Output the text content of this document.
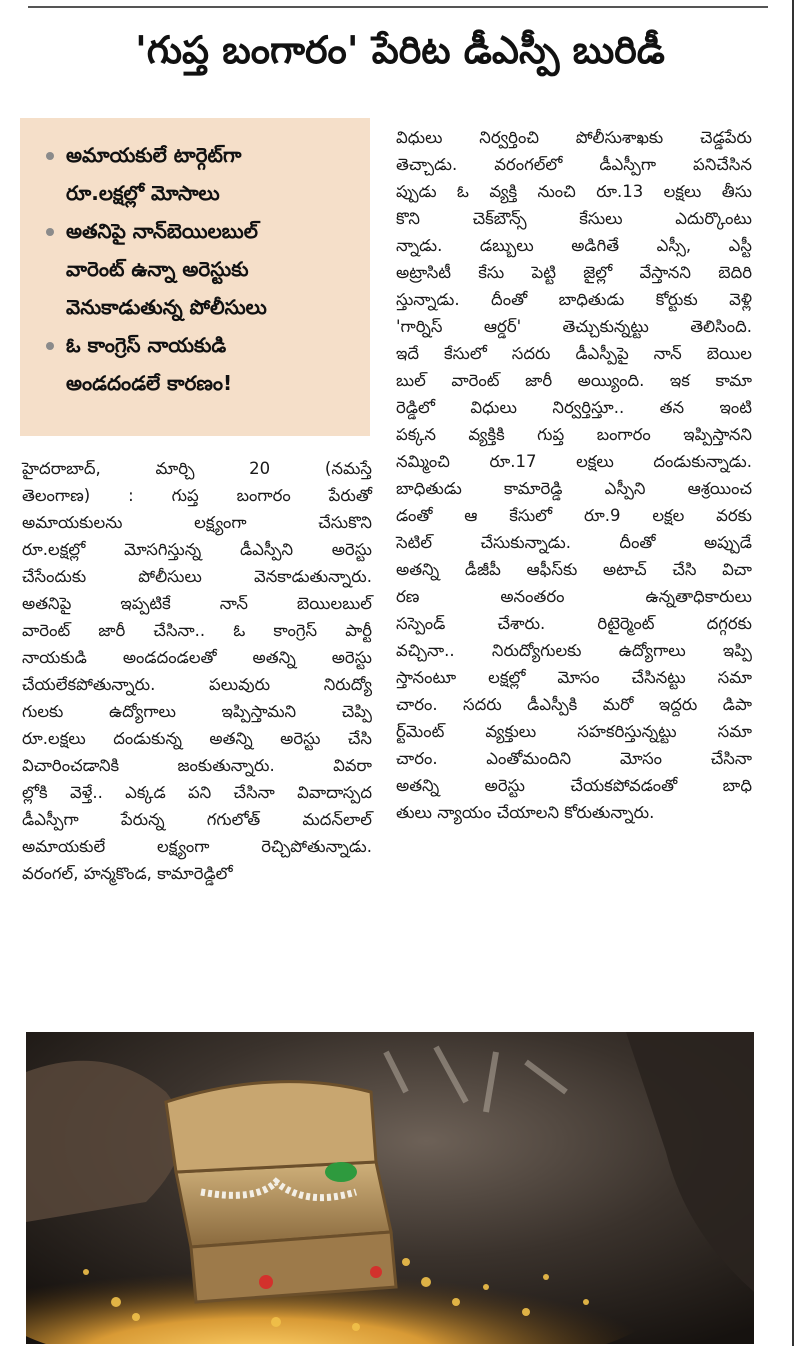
'గుప్త బంగారం' పేరిట డీఎస్పీ బురిడీ
అమాయకులే టార్గెట్‌గా
రూ.లక్షల్లో మోసాలు
అతనిపై నాన్‌బెయిలబుల్
వారెంట్ ఉన్నా అరెస్టుకు
వెనుకాడుతున్న పోలీసులు
ఓ కాంగ్రెస్ నాయకుడి
అండదండలే కారణం!
హైదరాబాద్, మార్చి 20 (నమస్తే
తెలంగాణ) : గుప్త బంగారం పేరుతో
అమాయకులను లక్ష్యంగా చేసుకొని
రూ.లక్షల్లో మోసగిస్తున్న డీఎస్పీని అరెస్టు
చేసేందుకు పోలీసులు వెనకాడుతున్నారు.
అతనిపై ఇప్పటికే నాన్ బెయిలబుల్
వారెంట్ జారీ చేసినా.. ఓ కాంగ్రెస్ పార్టీ
నాయకుడి అండదండలతో అతన్ని అరెస్టు
చేయలేకపోతున్నారు. పలువురు నిరుద్యో
గులకు ఉద్యోగాలు ఇప్పిస్తామని చెప్పి
రూ.లక్షలు దండుకున్న అతన్ని అరెస్టు చేసి
విచారించడానికి జంకుతున్నారు. వివరా
ల్లోకి వెళ్తే.. ఎక్కడ పని చేసినా వివాదాస్పద
డీఎస్పీగా పేరున్న గగులోత్ మదన్‌లాల్
అమాయకులే లక్ష్యంగా రెచ్చిపోతున్నాడు.
వరంగల్, హన్మకొండ, కామారెడ్డిలో
విధులు నిర్వర్తించి పోలీసుశాఖకు చెడ్డపేరు
తెచ్చాడు. వరంగల్‌లో డీఎస్పీగా పనిచేసిన
ప్పుడు ఓ వ్యక్తి నుంచి రూ.13 లక్షలు తీసు
కొని చెక్‌బౌన్స్ కేసులు ఎదుర్కొంటు
న్నాడు. డబ్బులు అడిగితే ఎస్సీ, ఎస్టీ
అట్రాసిటీ కేసు పెట్టి జైల్లో వేస్తానని బెదిరి
స్తున్నాడు. దీంతో బాధితుడు కోర్టుకు వెళ్లి
'గార్నిస్ ఆర్డర్' తెచ్చుకున్నట్టు తెలిసింది.
ఇదే కేసులో సదరు డీఎస్పీపై నాన్ బెయిల
బుల్ వారెంట్ జారీ అయ్యింది. ఇక కామా
రెడ్డిలో విధులు నిర్వర్తిస్తూ.. తన ఇంటి
పక్కన వ్యక్తికి గుప్త బంగారం ఇప్పిస్తానని
నమ్మించి రూ.17 లక్షలు దండుకున్నాడు.
బాధితుడు కామారెడ్డి ఎస్పీని ఆశ్రయించ
డంతో ఆ కేసులో రూ.9 లక్షల వరకు
సెటిల్ చేసుకున్నాడు. దీంతో అప్పుడే
అతన్ని డీజీపీ ఆఫీస్‌కు అటాచ్ చేసి విచా
రణ అనంతరం ఉన్నతాధికారులు
సస్పెండ్ చేశారు. రిటైర్మెంట్ దగ్గరకు
వచ్చినా.. నిరుద్యోగులకు ఉద్యోగాలు ఇప్పి
స్తానంటూ లక్షల్లో మోసం చేసినట్టు సమా
చారం. సదరు డీఎస్పీకి మరో ఇద్దరు డిపా
ర్ట్‌మెంట్ వ్యక్తులు సహకరిస్తున్నట్టు సమా
చారం. ఎంతోమందిని మోసం చేసినా
అతన్ని అరెస్టు చేయకపోవడంతో బాధి
తులు న్యాయం చేయాలని కోరుతున్నారు.
